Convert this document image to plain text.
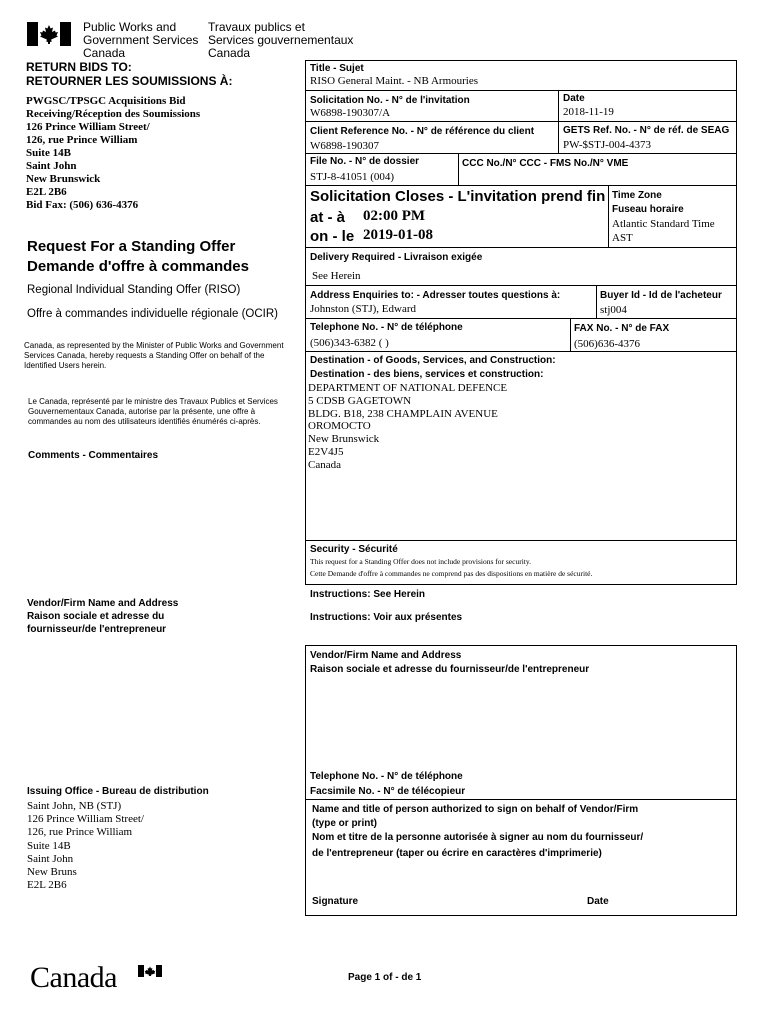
Public Works and
Government Services
Canada
Travaux publics et
Services gouvernementaux
Canada
RETURN BIDS TO:
RETOURNER LES SOUMISSIONS À:
PWGSC/TPSGC Acquisitions Bid
Receiving/Réception des Soumissions
126 Prince William Street/
126, rue Prince William
Suite 14B
Saint John
New Brunswick
E2L 2B6
Bid Fax: (506) 636-4376
Request For a Standing Offer
Demande d'offre à commandes
Regional Individual Standing Offer (RISO)
Offre à commandes individuelle régionale (OCIR)
Canada, as represented by the Minister of Public Works and Government Services Canada, hereby requests a Standing Offer on behalf of the Identified Users herein.
Le Canada, représenté par le ministre des Travaux Publics et Services Gouvernementaux Canada, autorise par la présente, une offre à commandes au nom des utilisateurs identifiés énumérés ci-après.
Comments - Commentaires
Vendor/Firm Name and Address
Raison sociale et adresse du
fournisseur/de l'entrepreneur
Issuing Office - Bureau de distribution
Saint John, NB (STJ)
126 Prince William Street/
126, rue Prince William
Suite 14B
Saint John
New Bruns
E2L 2B6
Title - Sujet
RISO General Maint. - NB Armouries
Solicitation No. - N° de l'invitation
W6898-190307/A
Date
2018-11-19
Client Reference No. - N° de référence du client
W6898-190307
GETS Ref. No. - N° de réf. de SEAG
PW-$STJ-004-4373
File No. - N° de dossier
STJ-8-41051 (004)
CCC No./N° CCC - FMS No./N° VME
Solicitation Closes - L'invitation prend fin
at - à 02:00 PM
on - le 2019-01-08
Time Zone
Fuseau horaire
Atlantic Standard Time
AST
Delivery Required - Livraison exigée
See Herein
Address Enquiries to: - Adresser toutes questions à:
Johnston (STJ), Edward
Buyer Id - Id de l'acheteur
stj004
Telephone No. - N° de téléphone
(506)343-6382 ( )
FAX No. - N° de FAX
(506)636-4376
Destination - of Goods, Services, and Construction:
Destination - des biens, services et construction:
DEPARTMENT OF NATIONAL DEFENCE
5 CDSB GAGETOWN
BLDG. B18, 238 CHAMPLAIN AVENUE
OROMOCTO
New Brunswick
E2V4J5
Canada
Security - Sécurité
This request for a Standing Offer does not include provisions for security.
Cette Demande d'offre à commandes ne comprend pas des dispositions en matière de sécurité.
Instructions: See Herein
Instructions: Voir aux présentes
Vendor/Firm Name and Address
Raison sociale et adresse du fournisseur/de l'entrepreneur
Telephone No. - N° de téléphone
Facsimile No. - N° de télécopieur
Name and title of person authorized to sign on behalf of Vendor/Firm
(type or print)
Nom et titre de la personne autorisée à signer au nom du fournisseur/
de l'entrepreneur (taper ou écrire en caractères d'imprimerie)
Signature	Date
Canada	Page 1 of - de 1
